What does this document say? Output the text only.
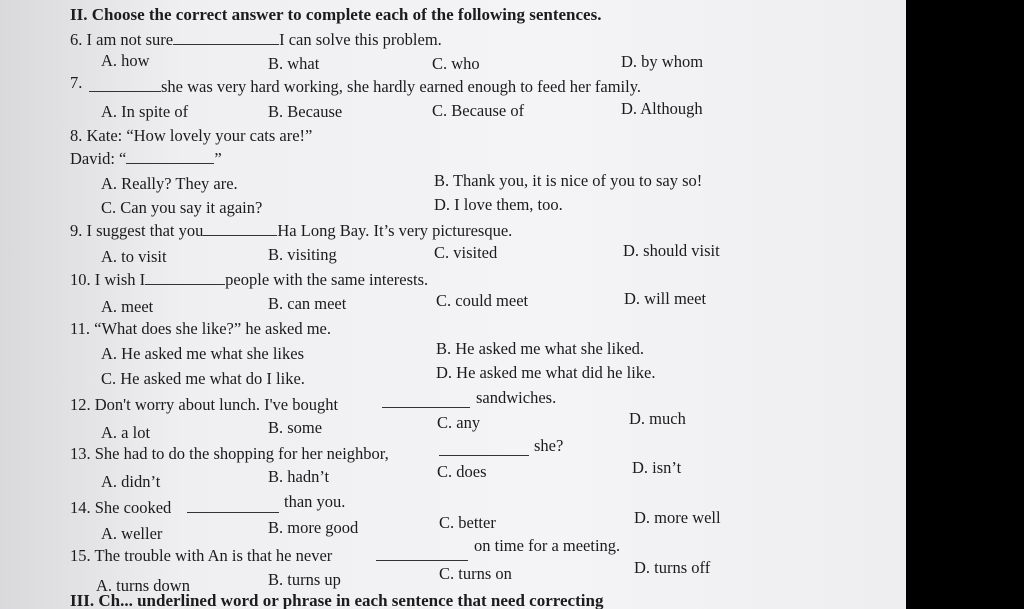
II. Choose the correct answer to complete each of the following sentences.
6. I am not sure	I can solve this problem.
A. how	B. what	C. who	D. by whom
7.	she was very hard working, she hardly earned enough to feed her family.
A. In spite of	B. Because	C. Because of	D. Although
8. Kate: “How lovely your cats are!”
David: “	”
A. Really? They are.	B. Thank you, it is nice of you to say so!
C. Can you say it again?	D. I love them, too.
9. I suggest that you	Ha Long Bay. It’s very picturesque.
A. to visit	B. visiting	C. visited	D. should visit
10. I wish I	people with the same interests.
A. meet	B. can meet	C. could meet	D. will meet
11. “What does she like?” he asked me.
A. He asked me what she likes	B. He asked me what she liked.
C. He asked me what do I like.	D. He asked me what did he like.
12. Don't worry about lunch. I've bought	sandwiches.
A. a lot	B. some	C. any	D. much
13. She had to do the shopping for her neighbor,	she?
A. didn’t	B. hadn’t	C. does	D. isn’t
14. She cooked	than you.
A. weller	B. more good	C. better	D. more well
15. The trouble with An is that he never
on time for a meeting.
A. turns down	B. turns up	C. turns on	D. turns off
III. Ch... underlined word or phrase in each sentence that need correcting
